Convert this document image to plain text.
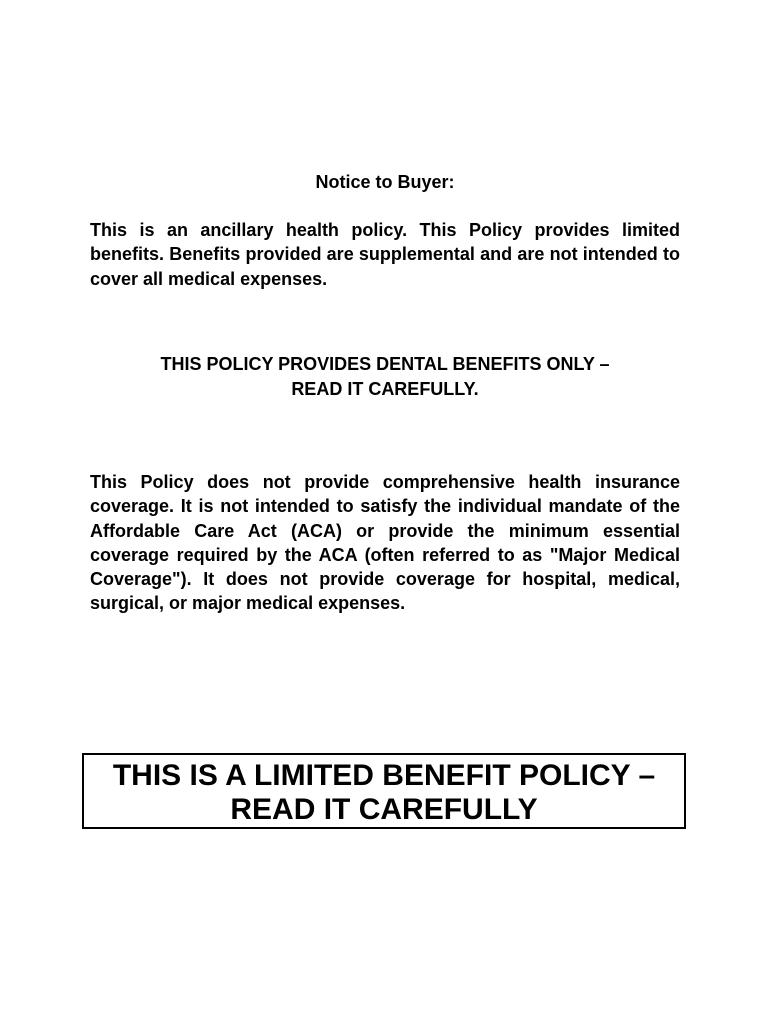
Notice to Buyer:

This is an ancillary health policy. This Policy provides limited benefits. Benefits provided are supplemental and are not intended to cover all medical expenses.

THIS POLICY PROVIDES DENTAL BENEFITS ONLY –
READ IT CAREFULLY.

This Policy does not provide comprehensive health insurance coverage. It is not intended to satisfy the individual mandate of the Affordable Care Act (ACA) or provide the minimum essential coverage required by the ACA (often referred to as "Major Medical Coverage"). It does not provide coverage for hospital, medical, surgical, or major medical expenses.

THIS IS A LIMITED BENEFIT POLICY –
READ IT CAREFULLY
